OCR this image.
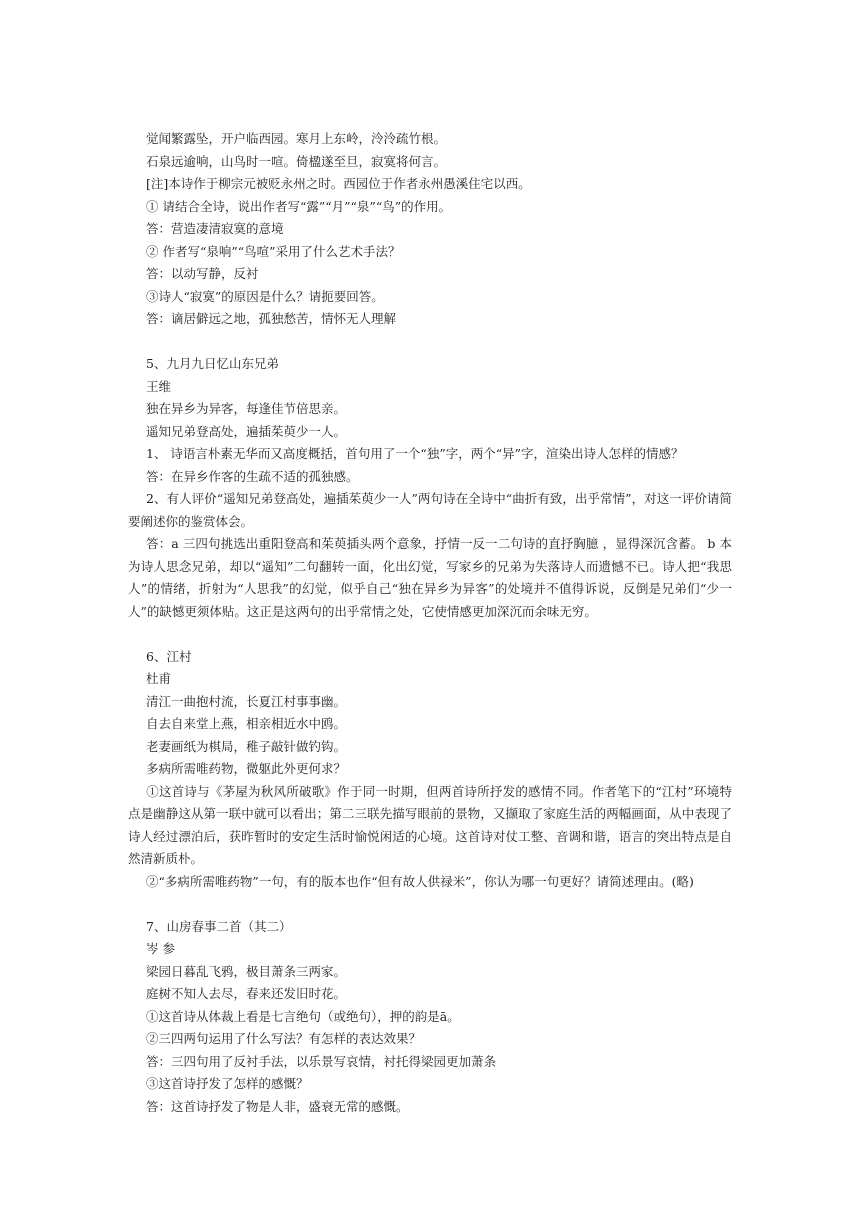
觉闻繁露坠，开户临西园。寒月上东岭，泠泠疏竹根。

石泉远逾响，山鸟时一喧。倚楹遂至旦，寂寞将何言。

[注]本诗作于柳宗元被贬永州之时。西园位于作者永州愚溪住宅以西。

① 请结合全诗，说出作者写“露”“月”“泉”“鸟”的作用。

答：营造凄清寂寞的意境

② 作者写“泉响”“鸟喧”采用了什么艺术手法？

答：以动写静，反衬

③诗人“寂寞”的原因是什么？请扼要回答。

答：谪居僻远之地，孤独愁苦，情怀无人理解

5、九月九日忆山东兄弟

王维

独在异乡为异客，每逢佳节倍思亲。

遥知兄弟登高处，遍插茱萸少一人。

1、 诗语言朴素无华而又高度概括，首句用了一个“独”字，两个“异”字，渲染出诗人怎样的情感？

答：在异乡作客的生疏不适的孤独感。

2、有人评价“遥知兄弟登高处，遍插茱萸少一人”两句诗在全诗中“曲折有致，出乎常情”，对这一评价请简要阐述你的鉴赏体会。

答：a 三四句挑选出重阳登高和茱萸插头两个意象，抒情一反一二句诗的直抒胸臆 ，显得深沉含蓄。 b 本为诗人思念兄弟，却以“遥知”二句翻转一面，化出幻觉，写家乡的兄弟为失落诗人而遗憾不已。诗人把“我思人”的情绪，折射为“人思我”的幻觉，似乎自己“独在异乡为异客”的处境并不值得诉说，反倒是兄弟们“少一人”的缺憾更须体贴。这正是这两句的出乎常情之处，它使情感更加深沉而余味无穷。

6、江村

杜甫

清江一曲抱村流，长夏江村事事幽。

自去自来堂上燕，相亲相近水中鸥。

老妻画纸为棋局，稚子敲针做钓钩。

多病所需唯药物，微躯此外更何求？

①这首诗与《茅屋为秋风所破歌》作于同一时期，但两首诗所抒发的感情不同。作者笔下的“江村”环境特点是幽静这从第一联中就可以看出；第二三联先描写眼前的景物，又撷取了家庭生活的两幅画面，从中表现了诗人经过漂泊后，获昨暂时的安定生活时愉悦闲适的心境。这首诗对仗工整、音调和谐，语言的突出特点是自然清新质朴。

②“多病所需唯药物”一句，有的版本也作“但有故人供禄米”，你认为哪一句更好？请简述理由。(略)

7、山房春事二首（其二）

岑 参

梁园日暮乱飞鸦，极目萧条三两家。

庭树不知人去尽，春来还发旧时花。

①这首诗从体裁上看是七言绝句（或绝句），押的韵是ā。

②三四两句运用了什么写法？有怎样的表达效果？

答：三四句用了反衬手法，以乐景写哀情，衬托得梁园更加萧条

③这首诗抒发了怎样的感慨？

答：这首诗抒发了物是人非，盛衰无常的感慨。
